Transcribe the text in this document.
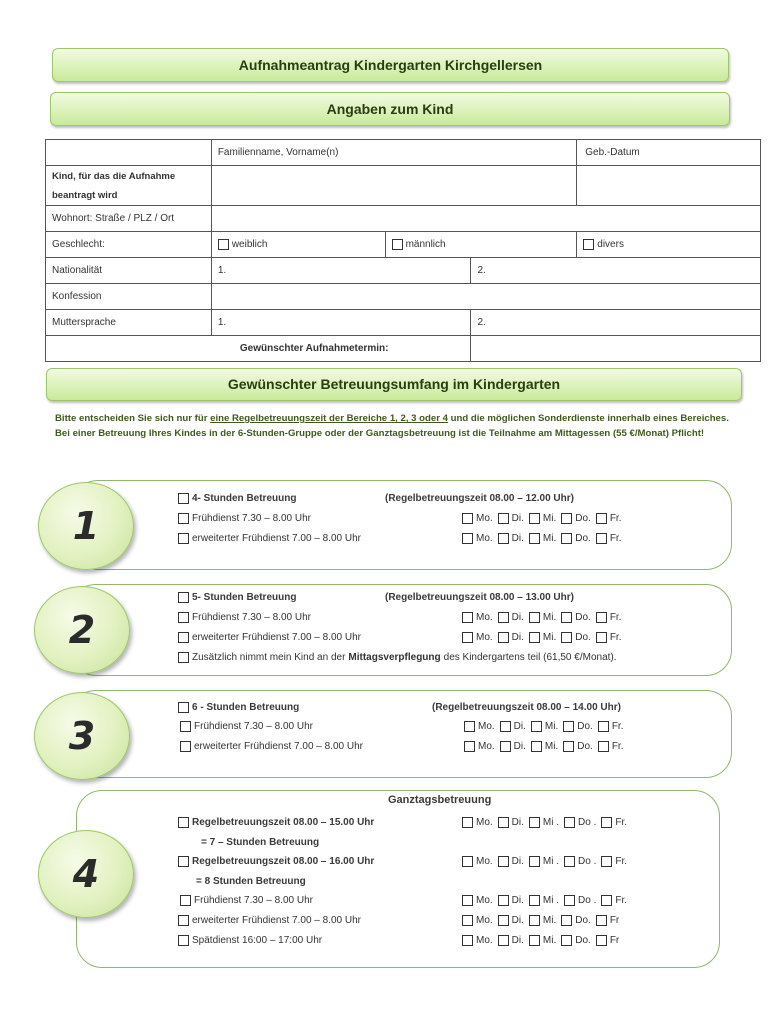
Aufnahmeantrag Kindergarten Kirchgellersen
Angaben zum Kind
	Familienname, Vorname(n)			Geb.-Datum
Kind, für das die Aufnahme beantragt wird				
Wohnort: Straße / PLZ / Ort				
Geschlecht:	weiblich	männlich		divers
Nationalität	1.		2.	
Konfession				
Muttersprache	1.		2.	
Gewünschter Aufnahmetermin:				
Gewünschter Betreuungsumfang im Kindergarten

Bitte entscheiden Sie sich nur für eine Regelbetreuungszeit der Bereiche 1, 2, 3 oder 4 und die möglichen Sonderdienste innerhalb eines Bereiches. Bei einer Betreuung Ihres Kindes in der 6-Stunden-Gruppe oder der Ganztagsbetreuung ist die Teilnahme am Mittagessen (55 €/Monat) Pflicht!

1
4- Stunden Betreuung	(Regelbetreuungszeit 08.00 – 12.00 Uhr)
Frühdienst 7.30 – 8.00 Uhr	Mo. Di. Mi. Do. Fr.
erweiterter Frühdienst 7.00 – 8.00 Uhr	Mo. Di. Mi. Do. Fr.
2
5- Stunden Betreuung	(Regelbetreuungszeit 08.00 – 13.00 Uhr)
Frühdienst 7.30 – 8.00 Uhr	Mo. Di. Mi. Do. Fr.
erweiterter Frühdienst 7.00 – 8.00 Uhr	Mo. Di. Mi. Do. Fr.
Zusätzlich nimmt mein Kind an der Mittagsverpflegung des Kindergartens teil (61,50 €/Monat).
3
6 - Stunden Betreuung	(Regelbetreuungszeit 08.00 – 14.00 Uhr)
Frühdienst 7.30 – 8.00 Uhr	Mo. Di. Mi. Do. Fr.
erweiterter Frühdienst 7.00 – 8.00 Uhr	Mo. Di. Mi. Do. Fr.
4
Ganztagsbetreuung
Regelbetreuungszeit 08.00 – 15.00 Uhr	Mo. Di. Mi . Do . Fr.
= 7 – Stunden Betreuung
Regelbetreuungszeit 08.00 – 16.00 Uhr	Mo. Di. Mi . Do . Fr.
= 8 Stunden Betreuung
Frühdienst 7.30 – 8.00 Uhr	Mo. Di. Mi . Do . Fr.
erweiterter Frühdienst 7.00 – 8.00 Uhr	Mo. Di. Mi. Do. Fr
Spätdienst 16:00 – 17:00 Uhr	Mo. Di. Mi. Do. Fr
